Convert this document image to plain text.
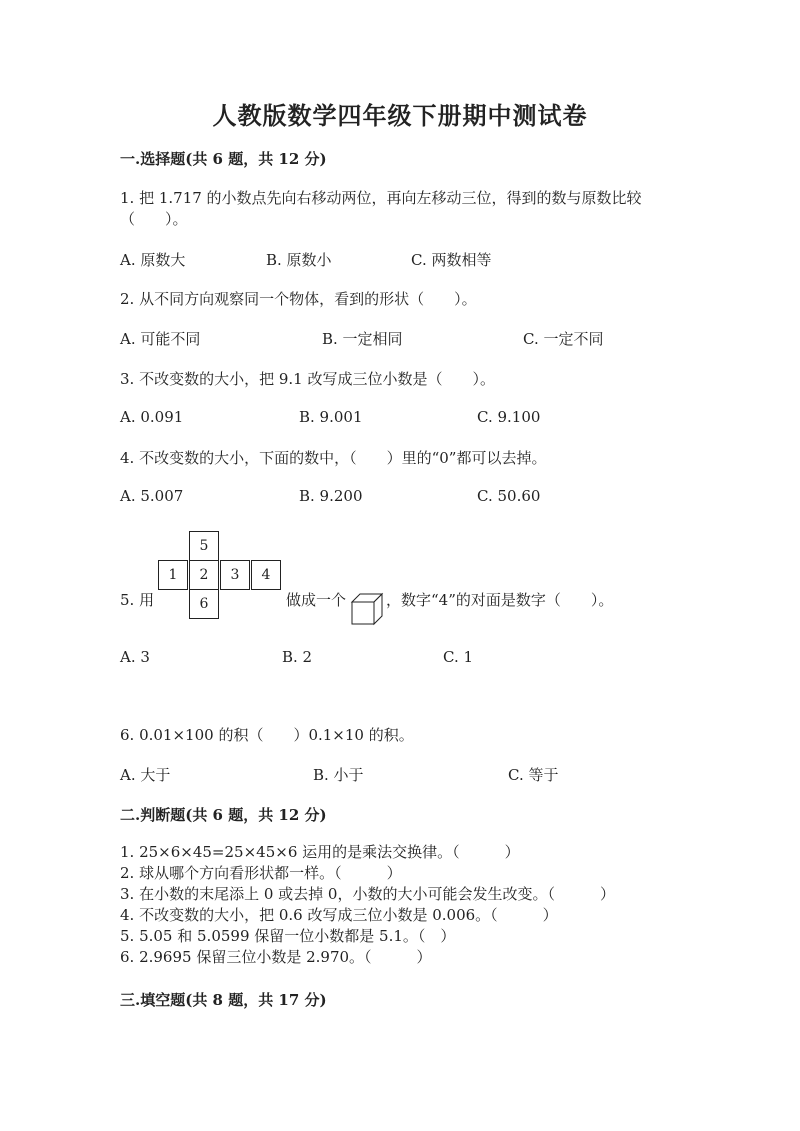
人教版数学四年级下册期中测试卷
一.选择题(共 6 题，共 12 分)
1. 把 1.717 的小数点先向右移动两位，再向左移动三位，得到的数与原数比较
（　　）。
A. 原数大	B. 原数小	C. 两数相等
2. 从不同方向观察同一个物体，看到的形状（　　）。
A. 可能不同	B. 一定相同	C. 一定不同
3. 不改变数的大小，把 9.1 改写成三位小数是（　　）。
A. 0.091	B. 9.001	C. 9.100
4. 不改变数的大小，下面的数中，（　　）里的“0”都可以去掉。
A. 5.007	B. 9.200	C. 50.60
5
1	2	3	4
6
5. 用	做成一个	，数字“4”的对面是数字（　　）。
A. 3	B. 2	C. 1
6. 0.01×100 的积（　　）0.1×10 的积。
A. 大于	B. 小于	C. 等于
二.判断题(共 6 题，共 12 分)
1. 25×6×45=25×45×6 运用的是乘法交换律。（　　　）
2. 球从哪个方向看形状都一样。（　　　）
3. 在小数的末尾添上 0 或去掉 0，小数的大小可能会发生改变。（　　　）
4. 不改变数的大小，把 0.6 改写成三位小数是 0.006。（　　　）
5. 5.05 和 5.0599 保留一位小数都是 5.1。（　）
6. 2.9695 保留三位小数是 2.970。（　　　）
三.填空题(共 8 题，共 17 分)
